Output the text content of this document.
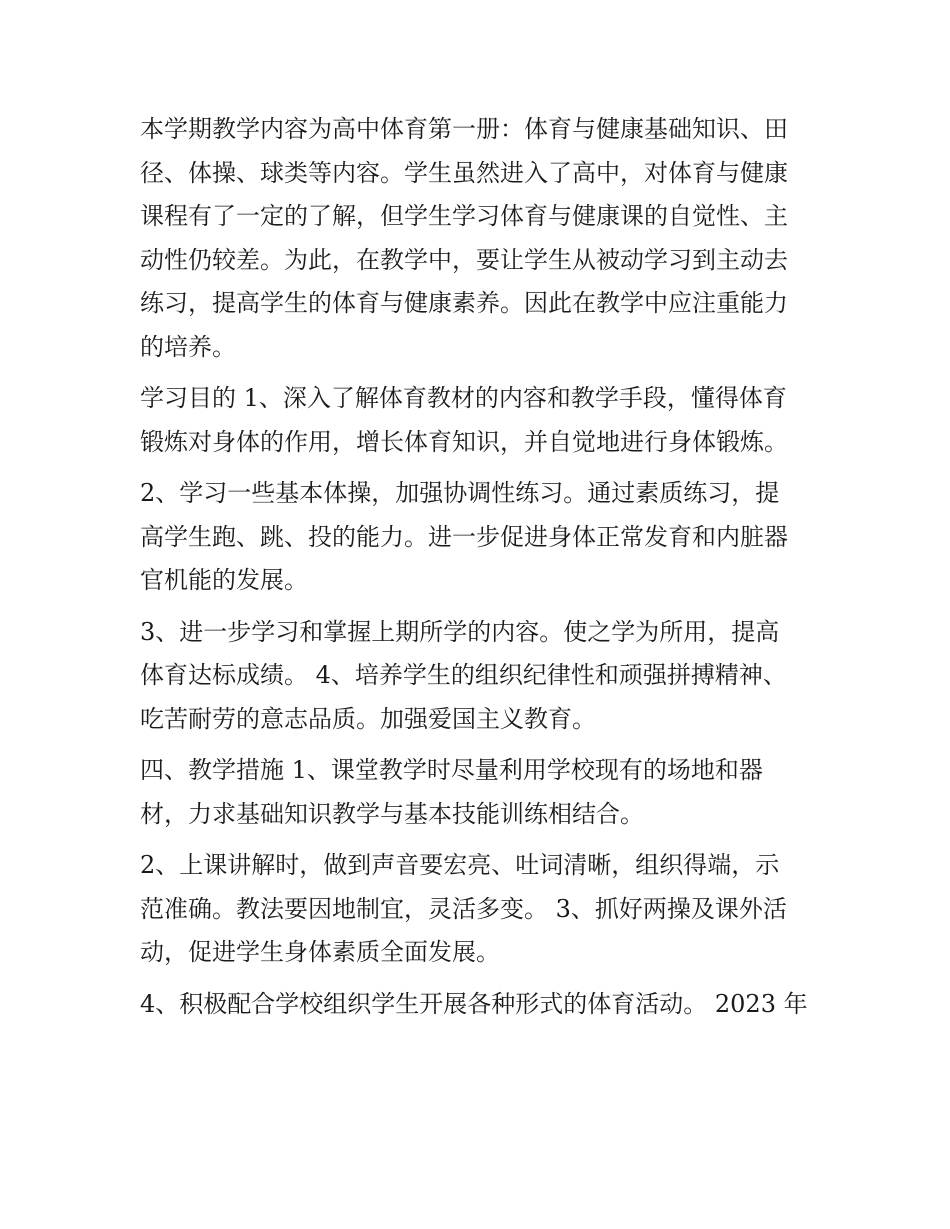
本学期教学内容为高中体育第一册：体育与健康基础知识、田
径、体操、球类等内容。学生虽然进入了高中，对体育与健康
课程有了一定的了解，但学生学习体育与健康课的自觉性、主
动性仍较差。为此，在教学中，要让学生从被动学习到主动去
练习，提高学生的体育与健康素养。因此在教学中应注重能力
的培养。

学习目的 1、深入了解体育教材的内容和教学手段，懂得体育
锻炼对身体的作用，增长体育知识，并自觉地进行身体锻炼。

2、学习一些基本体操，加强协调性练习。通过素质练习，提
高学生跑、跳、投的能力。进一步促进身体正常发育和内脏器
官机能的发展。

3、进一步学习和掌握上期所学的内容。使之学为所用，提高
体育达标成绩。 4、培养学生的组织纪律性和顽强拼搏精神、
吃苦耐劳的意志品质。加强爱国主义教育。

四、教学措施 1、课堂教学时尽量利用学校现有的场地和器
材，力求基础知识教学与基本技能训练相结合。

2、上课讲解时，做到声音要宏亮、吐词清晰，组织得端，示
范准确。教法要因地制宜，灵活多变。 3、抓好两操及课外活
动，促进学生身体素质全面发展。

4、积极配合学校组织学生开展各种形式的体育活动。 2023 年
